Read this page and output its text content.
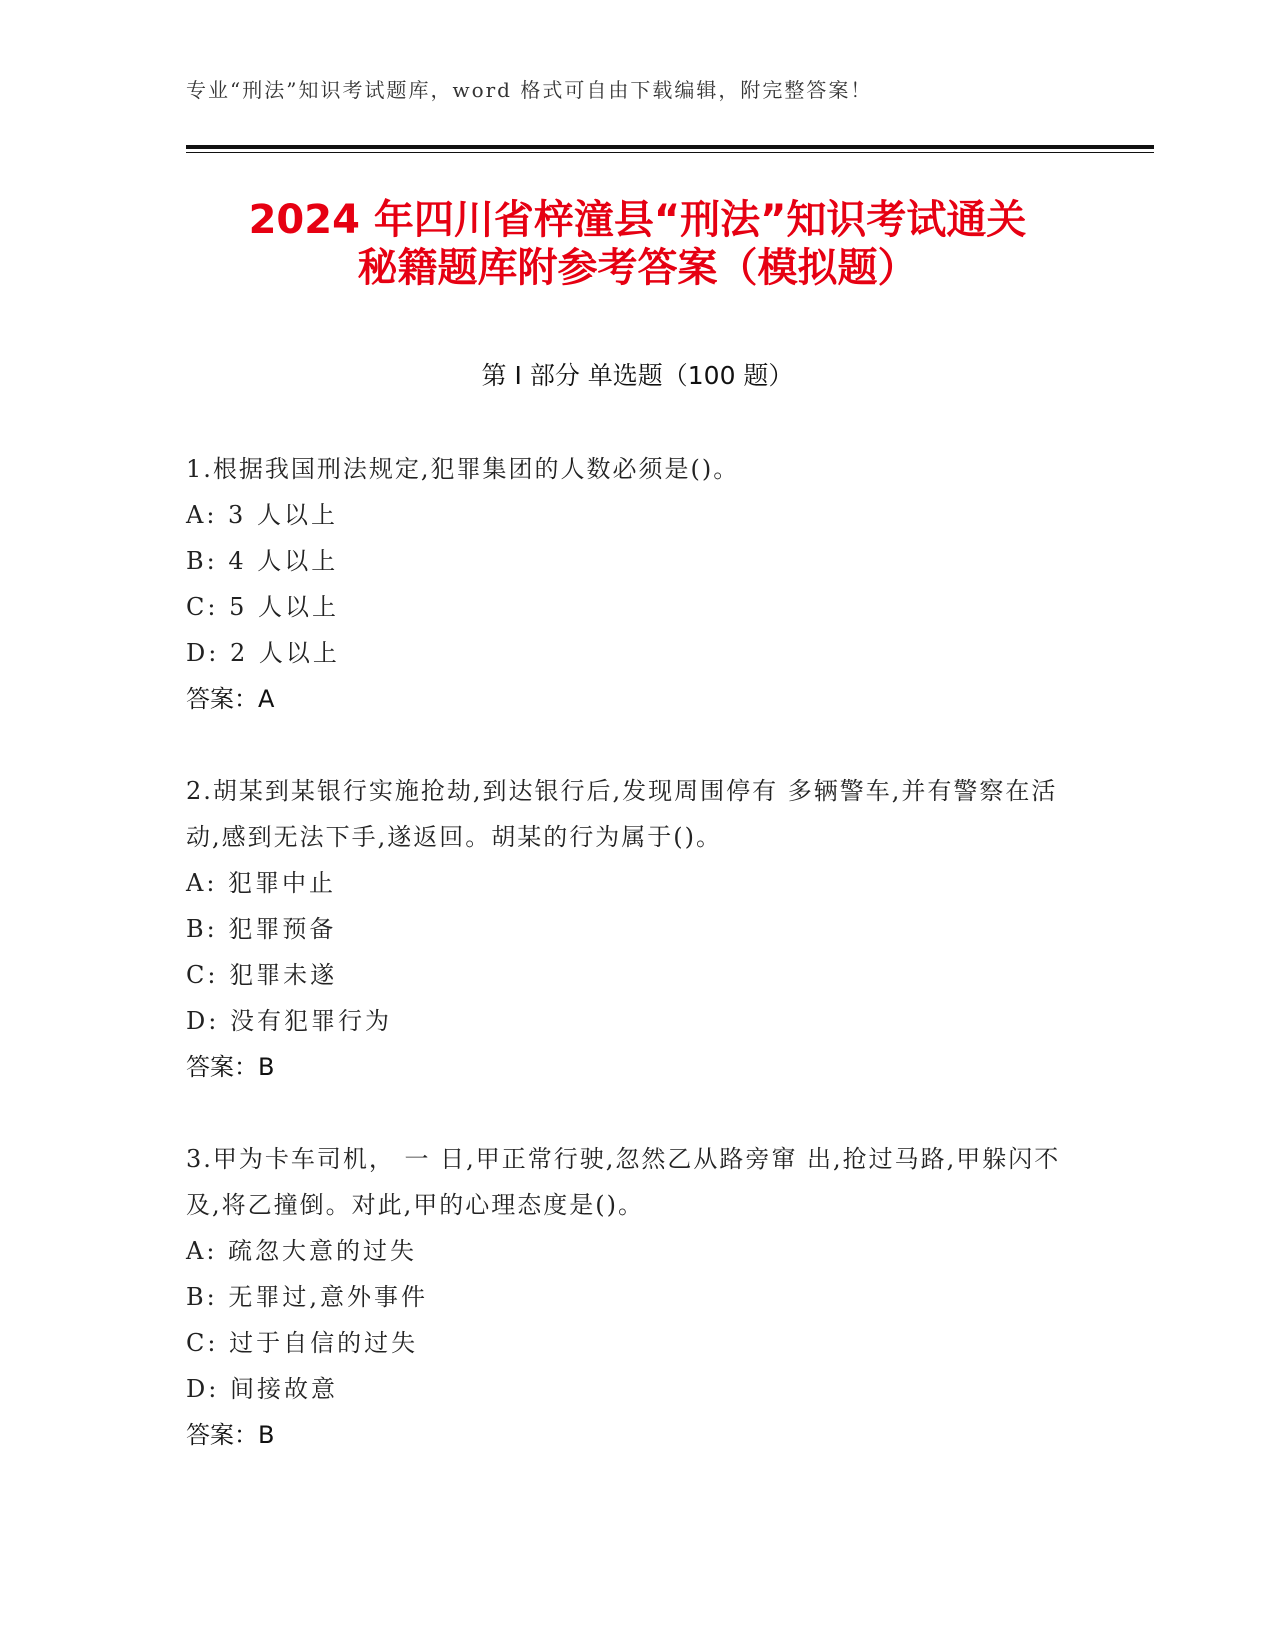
专业“刑法”知识考试题库，word 格式可自由下载编辑，附完整答案！
2024 年四川省梓潼县“刑法”知识考试通关
秘籍题库附参考答案（模拟题）
第 I 部分 单选题（100 题）
1.根据我国刑法规定,犯罪集团的人数必须是()。
A: 3 人以上
B: 4 人以上
C: 5 人以上
D: 2 人以上
答案：A
2.胡某到某银行实施抢劫,到达银行后,发现周围停有 多辆警车,并有警察在活动,感到无法下手,遂返回。胡某的行为属于()。
A: 犯罪中止
B: 犯罪预备
C: 犯罪未遂
D: 没有犯罪行为
答案：B
3.甲为卡车司机， 一 日,甲正常行驶,忽然乙从路旁窜 出,抢过马路,甲躲闪不及,将乙撞倒。对此,甲的心理态度是()。
A: 疏忽大意的过失
B: 无罪过,意外事件
C: 过于自信的过失
D: 间接故意
答案：B
